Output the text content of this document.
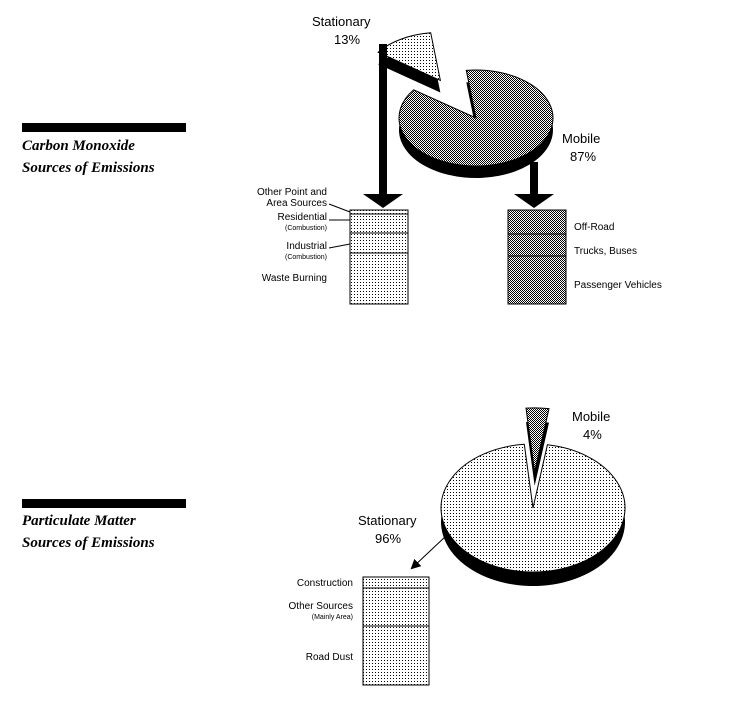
Carbon Monoxide
Sources of Emissions
Stationary
13%
Mobile
87%
Other Point and
Area Sources
Residential
(Combustion)
Industrial
(Combustion)
Waste Burning
Off-Road
Trucks, Buses
Passenger Vehicles
Particulate Matter
Sources of Emissions
Mobile
4%
Stationary
96%
Construction
Other Sources
(Mainly Area)
Road Dust
